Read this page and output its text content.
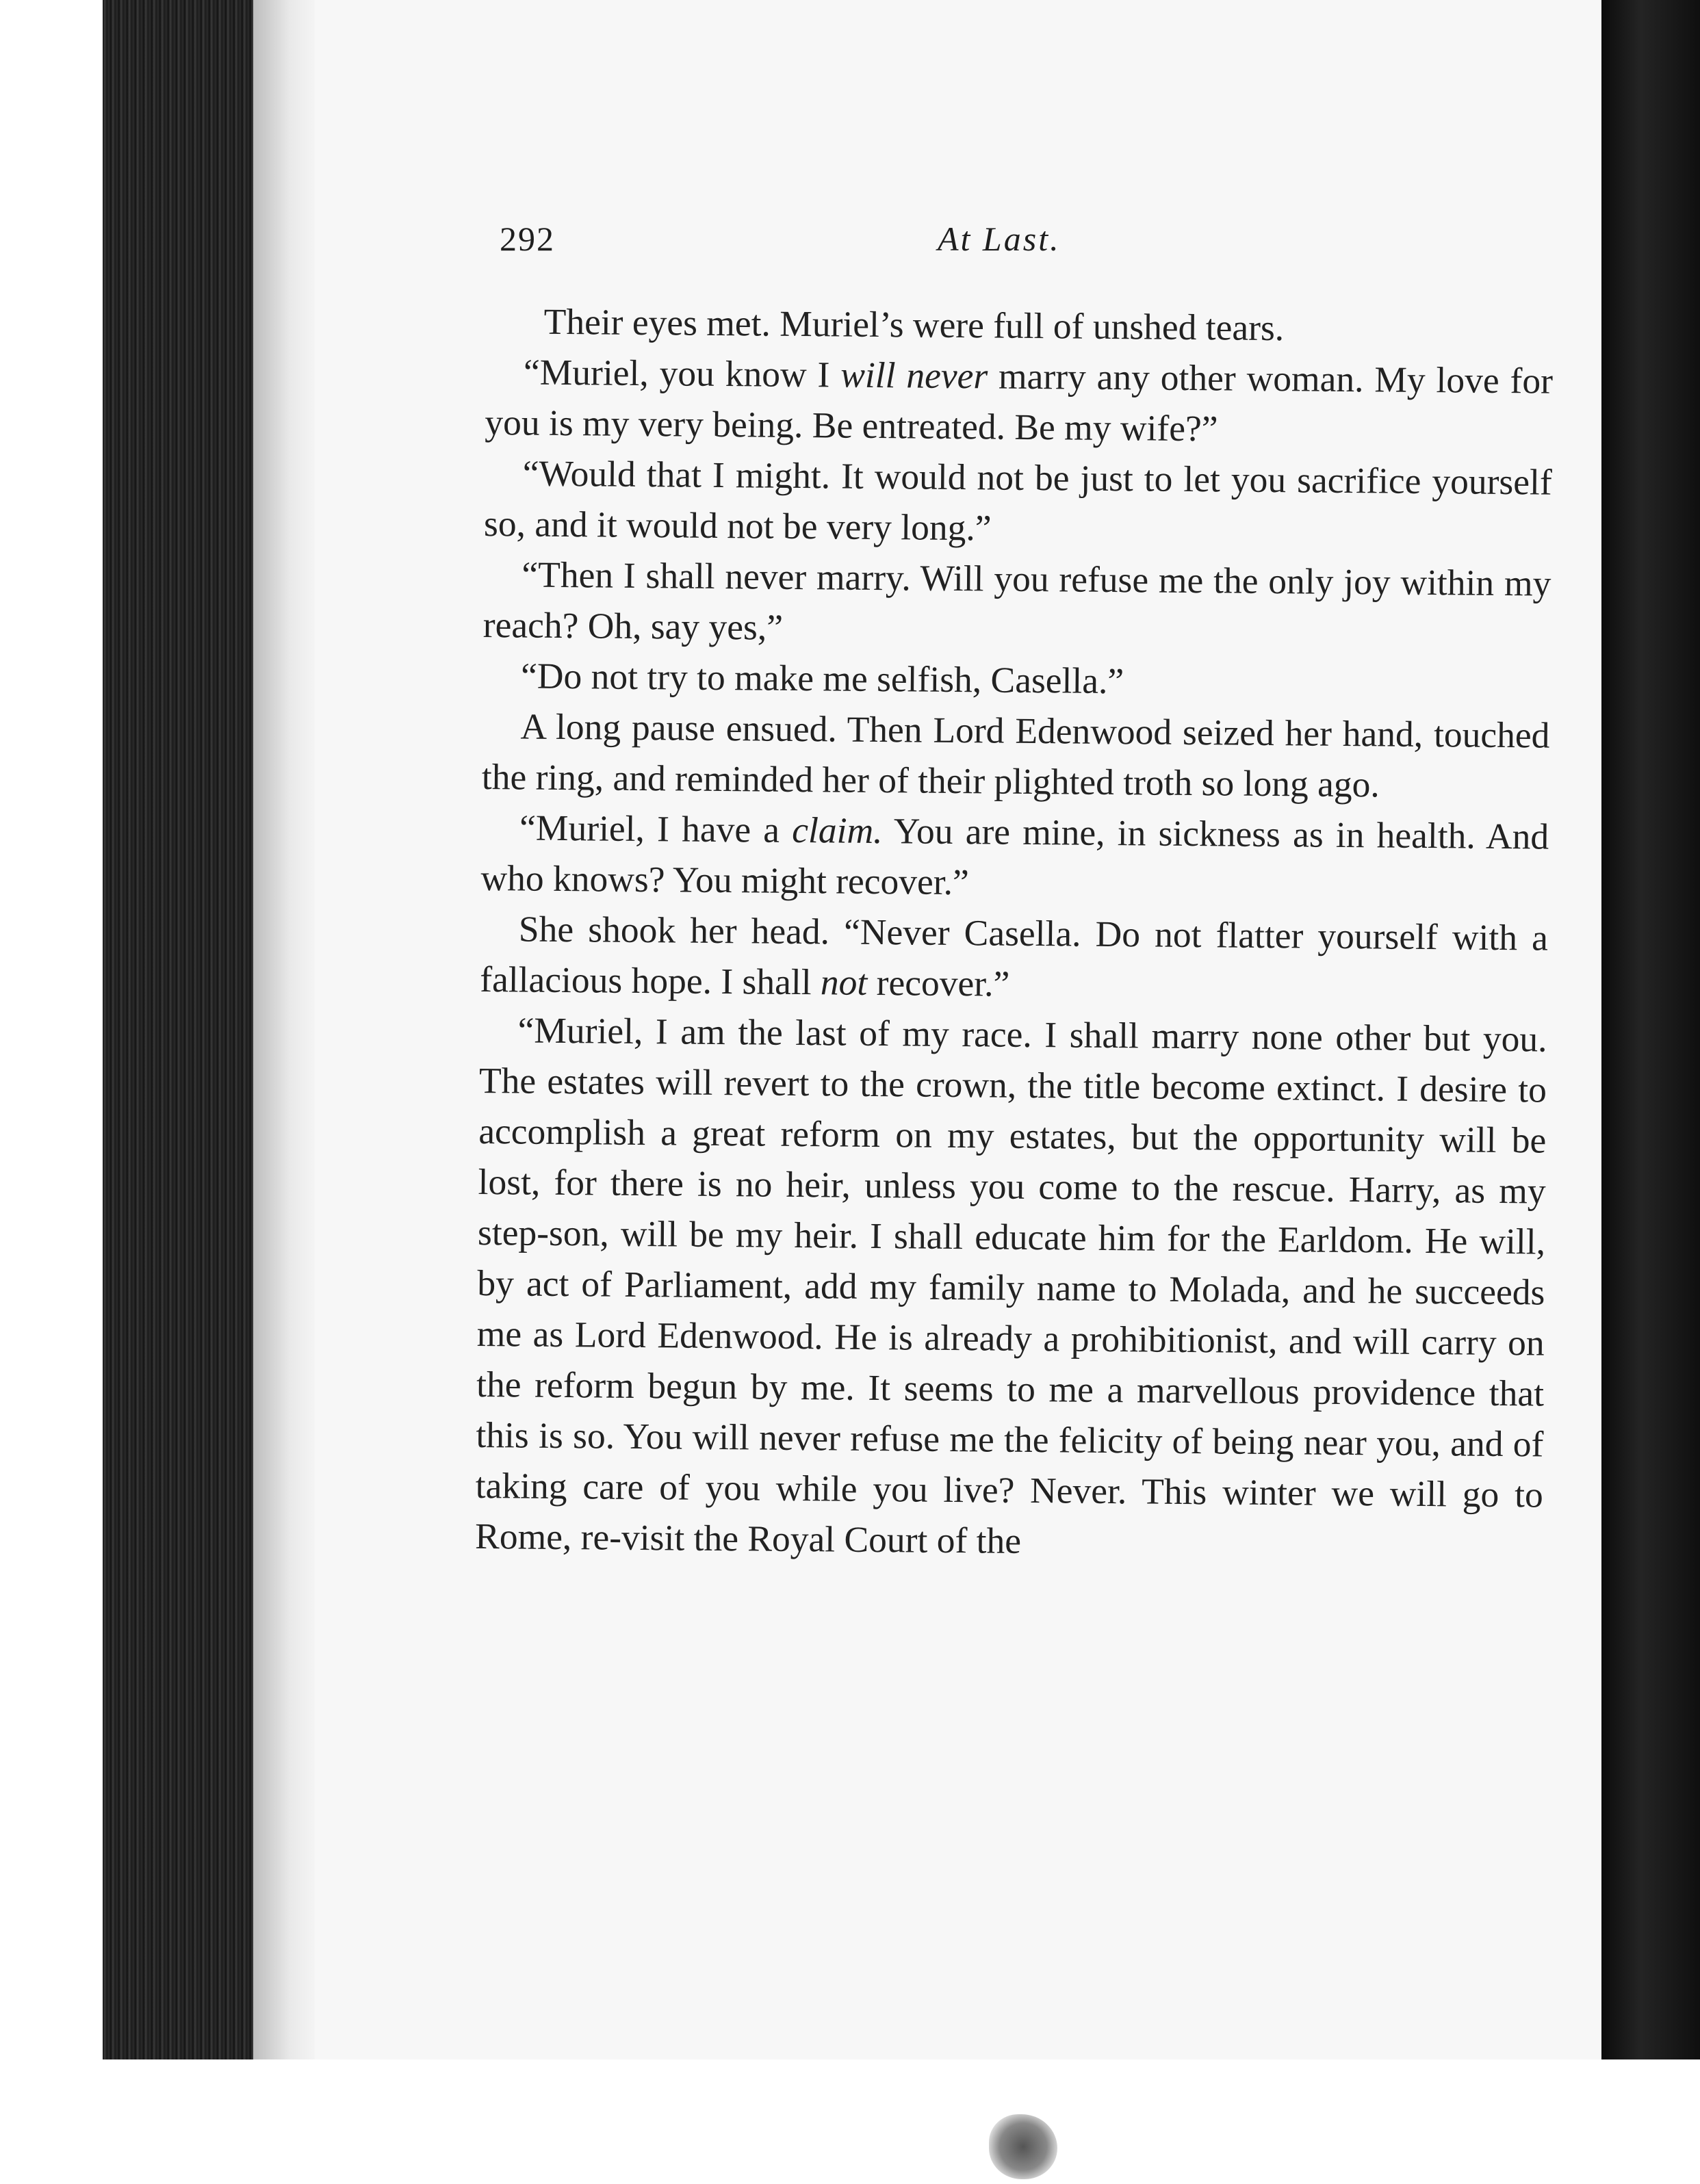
292	At Last.

Their eyes met. Muriel’s were full of unshed tears.

“Muriel, you know I will never marry any other woman. My love for you is my very being. Be entreated. Be my wife?”

“Would that I might. It would not be just to let you sacrifice yourself so, and it would not be very long.”

“Then I shall never marry. Will you refuse me the only joy within my reach? Oh, say yes,”

“Do not try to make me selfish, Casella.”

A long pause ensued. Then Lord Edenwood seized her hand, touched the ring, and reminded her of their plighted troth so long ago.

“Muriel, I have a claim. You are mine, in sickness as in health. And who knows? You might recover.”

She shook her head. “Never Casella. Do not flatter yourself with a fallacious hope. I shall not recover.”

“Muriel, I am the last of my race. I shall marry none other but you. The estates will revert to the crown, the title become extinct. I desire to accomplish a great reform on my estates, but the opportunity will be lost, for there is no heir, unless you come to the rescue. Harry, as my step-son, will be my heir. I shall educate him for the Earldom. He will, by act of Parliament, add my family name to Molada, and he succeeds me as Lord Edenwood. He is already a prohibitionist, and will carry on the reform begun by me. It seems to me a marvellous providence that this is so. You will never refuse me the felicity of being near you, and of taking care of you while you live? Never. This winter we will go to Rome, re-visit the Royal Court of the
